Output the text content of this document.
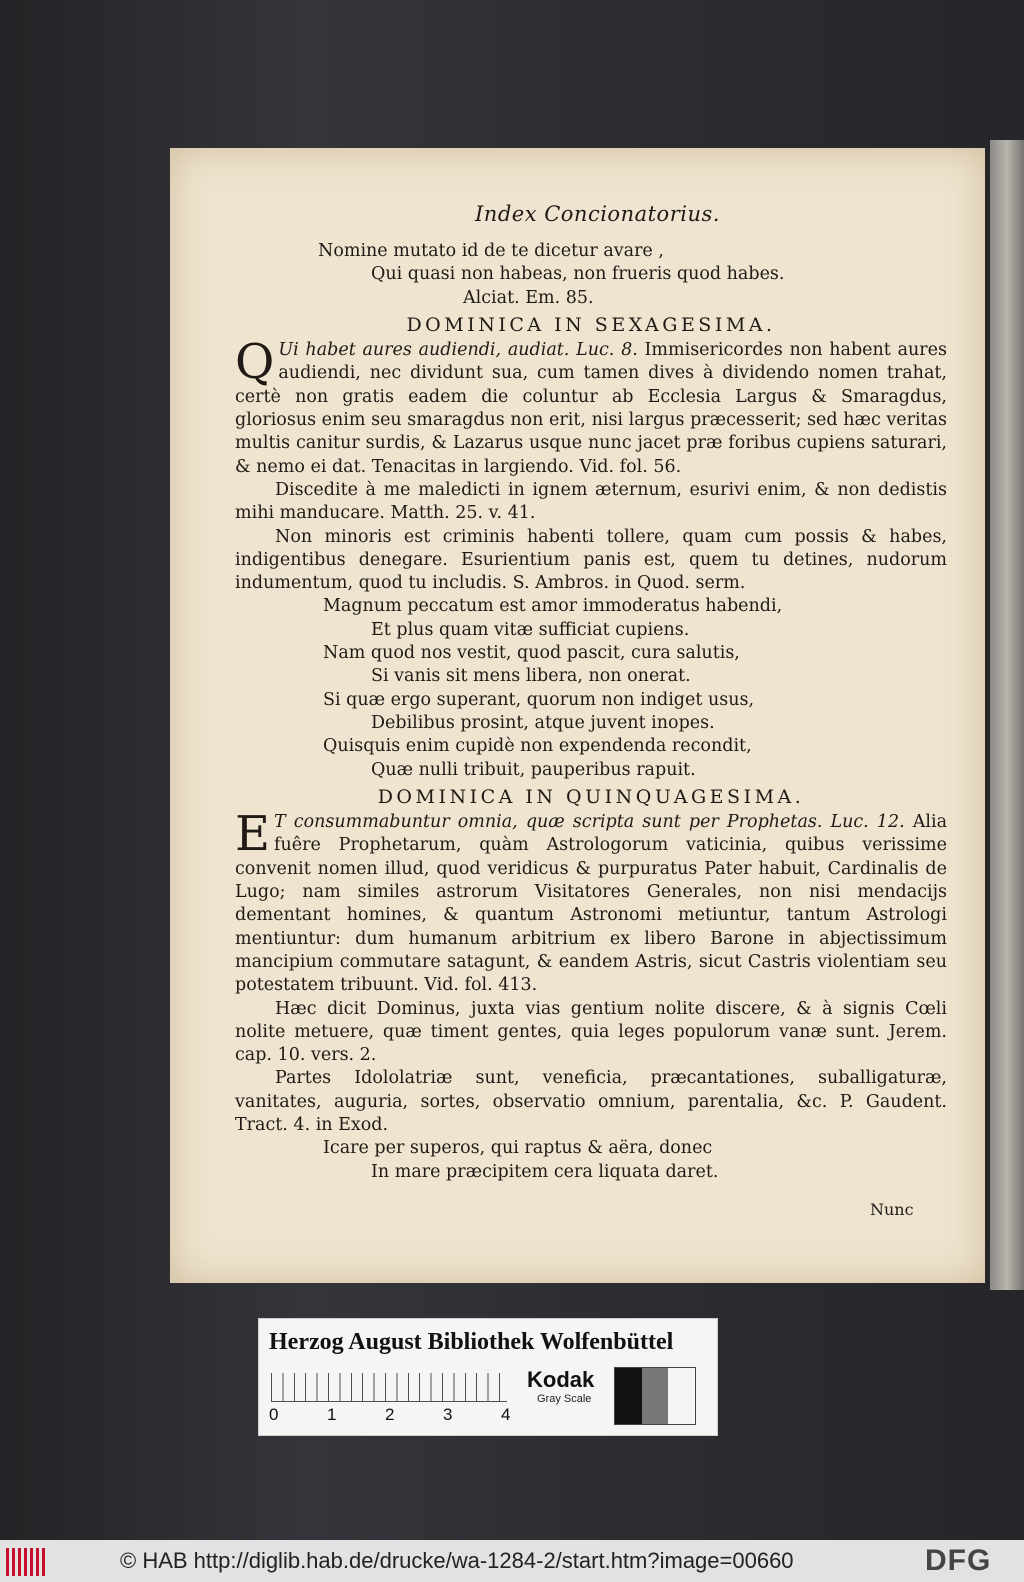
Index Concionatorius.
Nomine mutato id de te dicetur avare ,
Qui quasi non habeas, non frueris quod habes.
Alciat. Em. 85.
DOMINICA IN SEXAGESIMA.
Q Ui habet aures audiendi, audiat. Luc. 8. Immisericordes non habent aures audiendi, nec dividunt sua, cum tamen dives à dividendo nomen trahat, certè non gratis eadem die coluntur ab Ecclesia Largus & Smaragdus, gloriosus enim seu smaragdus non erit, nisi largus præcesserit; sed hæc veritas multis canitur surdis, & Lazarus usque nunc jacet præ foribus cupiens saturari, & nemo ei dat. Tenacitas in largiendo. Vid. fol. 56.
Discedite à me maledicti in ignem æternum, esurivi enim, & non dedistis mihi manducare. Matth. 25. v. 41.
Non minoris est criminis habenti tollere, quam cum possis & habes, indigentibus denegare. Esurientium panis est, quem tu detines, nudorum indumentum, quod tu includis. S. Ambros. in Quod. serm.
Magnum peccatum est amor immoderatus habendi,
Et plus quam vitæ sufficiat cupiens.
Nam quod nos vestit, quod pascit, cura salutis,
Si vanis sit mens libera, non onerat.
Si quæ ergo superant, quorum non indiget usus,
Debilibus prosint, atque juvent inopes.
Quisquis enim cupidè non expendenda recondit,
Quæ nulli tribuit, pauperibus rapuit.
DOMINICA IN QUINQUAGESIMA.
E T consummabuntur omnia, quæ scripta sunt per Prophetas. Luc. 12. Alia fuêre Prophetarum, quàm Astrologorum vaticinia, quibus verissime convenit nomen illud, quod veridicus & purpuratus Pater habuit, Cardinalis de Lugo; nam similes astrorum Visitatores Generales, non nisi mendacijs dementant homines, & quantum Astronomi metiuntur, tantum Astrologi mentiuntur: dum humanum arbitrium ex libero Barone in abjectissimum mancipium commutare satagunt, & eandem Astris, sicut Castris violentiam seu potestatem tribuunt. Vid. fol. 413.
Hæc dicit Dominus, juxta vias gentium nolite discere, & à signis Cœli nolite metuere, quæ timent gentes, quia leges populorum vanæ sunt. Jerem. cap. 10. vers. 2.
Partes Idololatriæ sunt, veneficia, præcantationes, suballigaturæ, vanitates, auguria, sortes, observatio omnium, parentalia, &c. P. Gaudent. Tract. 4. in Exod.
Icare per superos, qui raptus & aëra, donec
In mare præcipitem cera liquata daret.
Nunc
Herzog August Bibliothek Wolfenbüttel
0	1	2	3	4
Kodak
Gray Scale
© HAB http://diglib.hab.de/drucke/wa-1284-2/start.htm?image=00660	DFG
